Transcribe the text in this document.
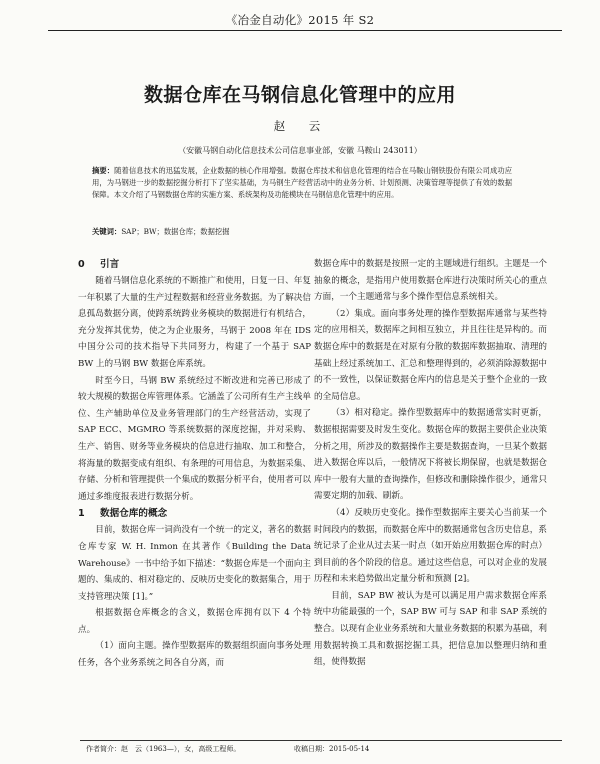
《冶金自动化》2015 年 S2
数据仓库在马钢信息化管理中的应用
赵　云
（安徽马钢自动化信息技术公司信息事业部，安徽 马鞍山 243011）
摘要：随着信息技术的迅猛发展，企业数据的核心作用增强。数据仓库技术和信息化管理的结合在马鞍山钢铁股份有限公司成功应用，为马钢进一步的数据挖掘分析打下了坚实基础，为马钢生产经营活动中的业务分析、计划预测、决策管理等提供了有效的数据保障。本文介绍了马钢数据仓库的实施方案、系统架构及功能模块在马钢信息化管理中的应用。
关键词：SAP；BW；数据仓库；数据挖掘
0 引言

随着马钢信息化系统的不断推广和使用，日复一日、年复一年积累了大量的生产过程数据和经营业务数据。为了解决信息孤岛数据分离，使跨系统跨业务模块的数据进行有机结合，充分发挥其优势，使之为企业服务，马钢于 2008 年在 IDS 中国分公司的技术指导下共同努力，构建了一个基于 SAP BW 上的马钢 BW 数据仓库系统。

时至今日，马钢 BW 系统经过不断改进和完善已形成了较大规模的数据仓库管理体系。它涵盖了公司所有生产主线单位、生产辅助单位及业务管理部门的生产经营活动，实现了 SAP ECC、MGMRO 等系统数据的深度挖掘，并对采购、生产、销售、财务等业务模块的信息进行抽取、加工和整合，将海量的数据变成有组织、有条理的可用信息，为数据采集、存储、分析和管理提供一个集成的数据分析平台，使用者可以通过多维度报表进行数据分析。

1 数据仓库的概念

目前，数据仓库一词尚没有一个统一的定义，著名的数据仓库专家 W. H. Inmon 在其著作《Building the Data Warehouse》一书中给予如下描述：“数据仓库是一个面向主题的、集成的、相对稳定的、反映历史变化的数据集合，用于支持管理决策 [1]。”

根据数据仓库概念的含义，数据仓库拥有以下 4 个特点。

（1）面向主题。操作型数据库的数据组织面向事务处理任务，各个业务系统之间各自分离，而

数据仓库中的数据是按照一定的主题域进行组织。主题是一个抽象的概念，是指用户使用数据仓库进行决策时所关心的重点方面，一个主题通常与多个操作型信息系统相关。

（2）集成。面向事务处理的操作型数据库通常与某些特定的应用相关，数据库之间相互独立，并且往往是异构的。而数据仓库中的数据是在对原有分散的数据库数据抽取、清理的基础上经过系统加工、汇总和整理得到的，必须消除源数据中的不一致性，以保证数据仓库内的信息是关于整个企业的一致的全局信息。

（3）相对稳定。操作型数据库中的数据通常实时更新，数据根据需要及时发生变化。数据仓库的数据主要供企业决策分析之用，所涉及的数据操作主要是数据查询，一旦某个数据进入数据仓库以后，一般情况下将被长期保留，也就是数据仓库中一般有大量的查询操作，但修改和删除操作很少，通常只需要定期的加载、刷新。

（4）反映历史变化。操作型数据库主要关心当前某一个时间段内的数据，而数据仓库中的数据通常包含历史信息，系统记录了企业从过去某一时点（如开始应用数据仓库的时点）到目前的各个阶段的信息。通过这些信息，可以对企业的发展历程和未来趋势做出定量分析和预测 [2]。

目前，SAP BW 被认为是可以满足用户需求数据仓库系统中功能最强的一个，SAP BW 可与 SAP 和非 SAP 系统的整合。以现有企业业务系统和大量业务数据的积累为基础，利用数据转换工具和数据挖掘工具，把信息加以整理归纳和重组，使得数据

作者简介：赵　云（1963—），女，高级工程师。	收稿日期：2015-05-14
